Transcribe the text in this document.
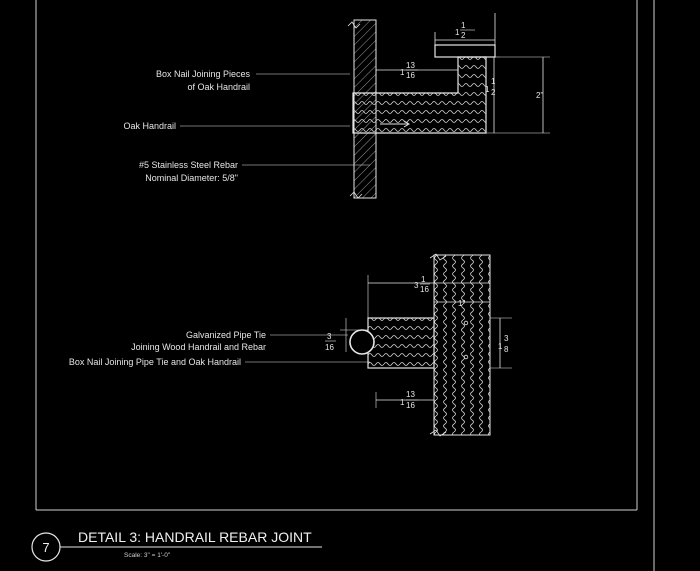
1
1
2
1
13
16
1
1
2	2"
Box Nail Joining Pieces
of Oak Handrail
Oak Handrail
#5 Stainless Steel Rebar
Nominal Diameter: 5/8"
3
1
16
1"
3
16	1
3
8
1
13
16
Galvanized Pipe Tie
Joining Wood Handrail and Rebar
Box Nail Joining Pipe Tie and Oak Handrail
7
DETAIL 3: HANDRAIL REBAR JOINT
Scale: 3" = 1'-0"
